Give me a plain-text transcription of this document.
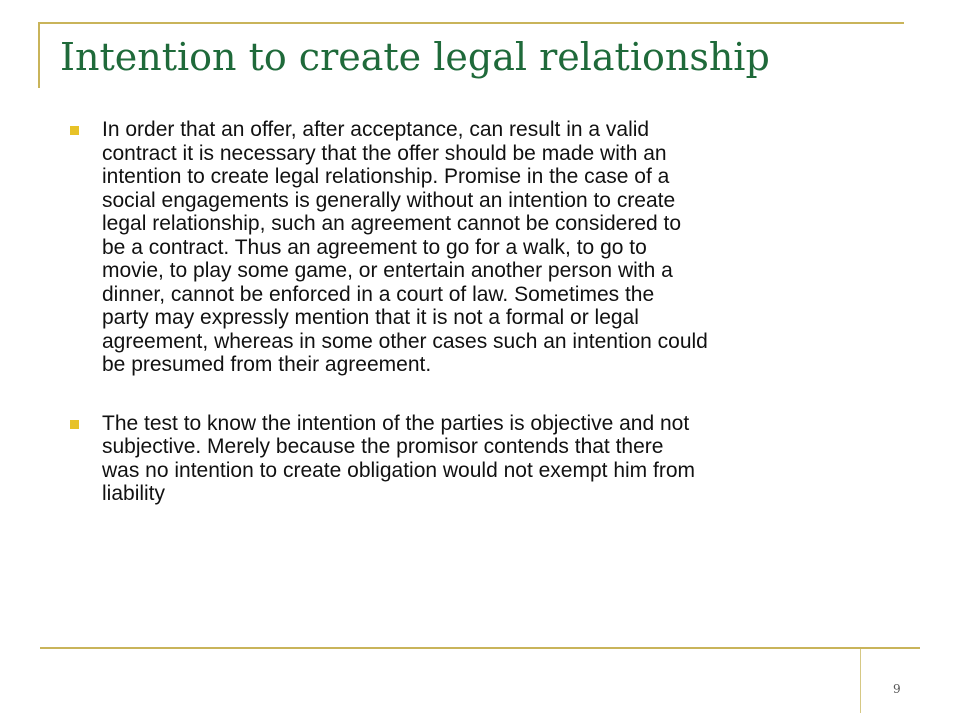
Intention to create legal relationship
In order that an offer, after acceptance, can result in a valid
contract it is necessary that the offer should be made with an
intention to create legal relationship. Promise in the case of a
social engagements is generally without an intention to create
legal relationship, such an agreement cannot be considered to
be a contract. Thus an agreement to go for a walk, to go to
movie, to play some game, or entertain another person with a
dinner, cannot be enforced in a court of law. Sometimes the
party may expressly mention that it is not a formal or legal
agreement, whereas in some other cases such an intention could
be presumed from their agreement.
The test to know the intention of the parties is objective and not
subjective. Merely because the promisor contends that there
was no intention to create obligation would not exempt him from
liability
9
